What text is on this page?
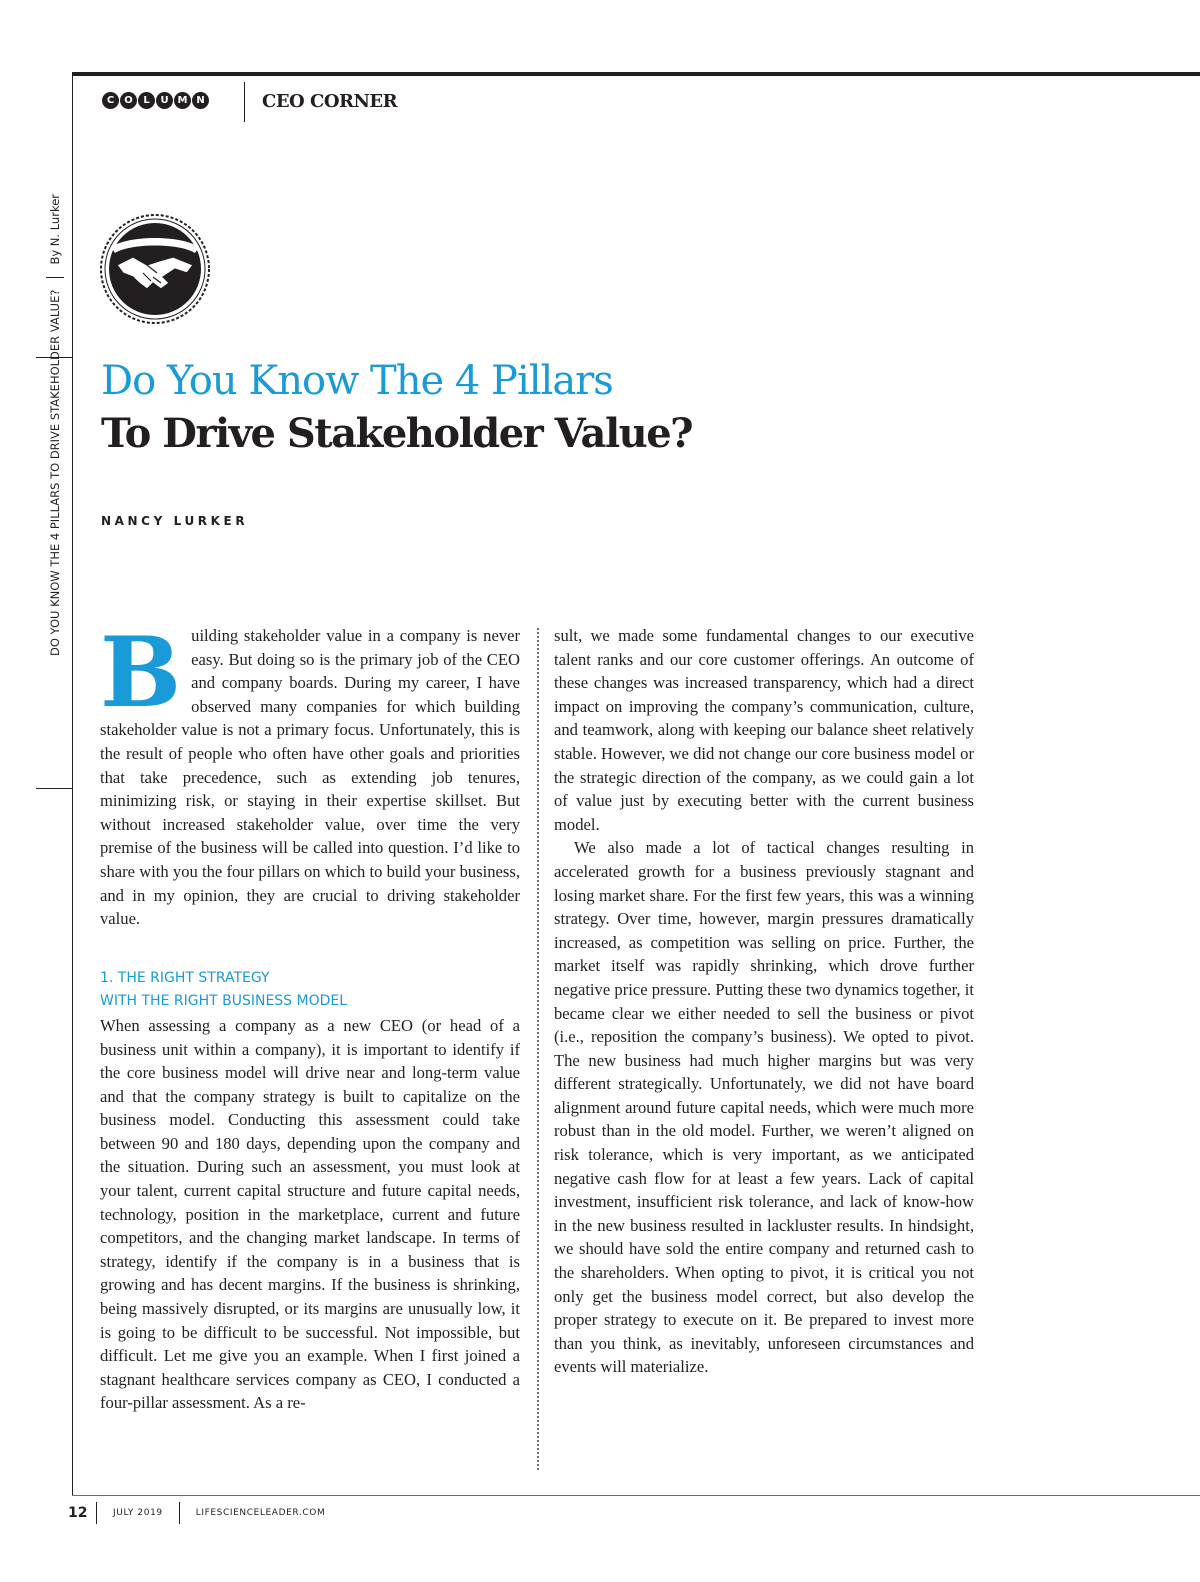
C	O	L	U M N	CEO CORNER
DO YOU KNOW THE 4 PILLARS TO DRIVE STAKEHOLDER VALUE?
By N. Lurker
Do You Know The 4 Pillars
To Drive Stakeholder Value?
NANCY LURKER

Building stakeholder value in a company is never easy. But doing so is the primary job of the CEO and company boards. During my career, I have observed many companies for which building stakeholder value is not a primary focus. Unfortunately, this is the result of people who often have other goals and priorities that take precedence, such as extending job tenures, minimizing risk, or staying in their expertise skillset. But without increased stakeholder value, over time the very premise of the business will be called into question. I’d like to share with you the four pillars on which to build your business, and in my opinion, they are crucial to driving stakeholder value.

1. THE RIGHT STRATEGY
WITH THE RIGHT BUSINESS MODEL

When assessing a company as a new CEO (or head of a business unit within a company), it is important to identify if the core business model will drive near and long-term value and that the company strategy is built to capitalize on the business model. Conducting this assessment could take between 90 and 180 days, depending upon the company and the situation. During such an assessment, you must look at your talent, current capital structure and future capital needs, technology, position in the marketplace, current and future competitors, and the changing market landscape. In terms of strategy, identify if the company is in a business that is growing and has decent margins. If the business is shrinking, being massively disrupted, or its margins are unusually low, it is going to be difficult to be successful. Not impossible, but difficult. Let me give you an example. When I first joined a stagnant healthcare services company as CEO, I conducted a four-pillar assessment. As a re-

sult, we made some fundamental changes to our executive talent ranks and our core customer offerings. An outcome of these changes was increased transparency, which had a direct impact on improving the company’s communication, culture, and teamwork, along with keeping our balance sheet relatively stable. However, we did not change our core business model or the strategic direction of the company, as we could gain a lot of value just by executing better with the current business model.

We also made a lot of tactical changes resulting in accelerated growth for a business previously stagnant and losing market share. For the first few years, this was a winning strategy. Over time, however, margin pressures dramatically increased, as competition was selling on price. Further, the market itself was rapidly shrinking, which drove further negative price pressure. Putting these two dynamics together, it became clear we either needed to sell the business or pivot (i.e., reposition the company’s business). We opted to pivot. The new business had much higher margins but was very different strategically. Unfortunately, we did not have board alignment around future capital needs, which were much more robust than in the old model. Further, we weren’t aligned on risk tolerance, which is very important, as we anticipated negative cash flow for at least a few years. Lack of capital investment, insufficient risk tolerance, and lack of know-how in the new business resulted in lackluster results. In hindsight, we should have sold the entire company and returned cash to the shareholders. When opting to pivot, it is critical you not only get the business model correct, but also develop the proper strategy to execute on it. Be prepared to invest more than you think, as inevitably, unforeseen circumstances and events will materialize.

12	JULY 2019	LIFESCIENCELEADER.COM
